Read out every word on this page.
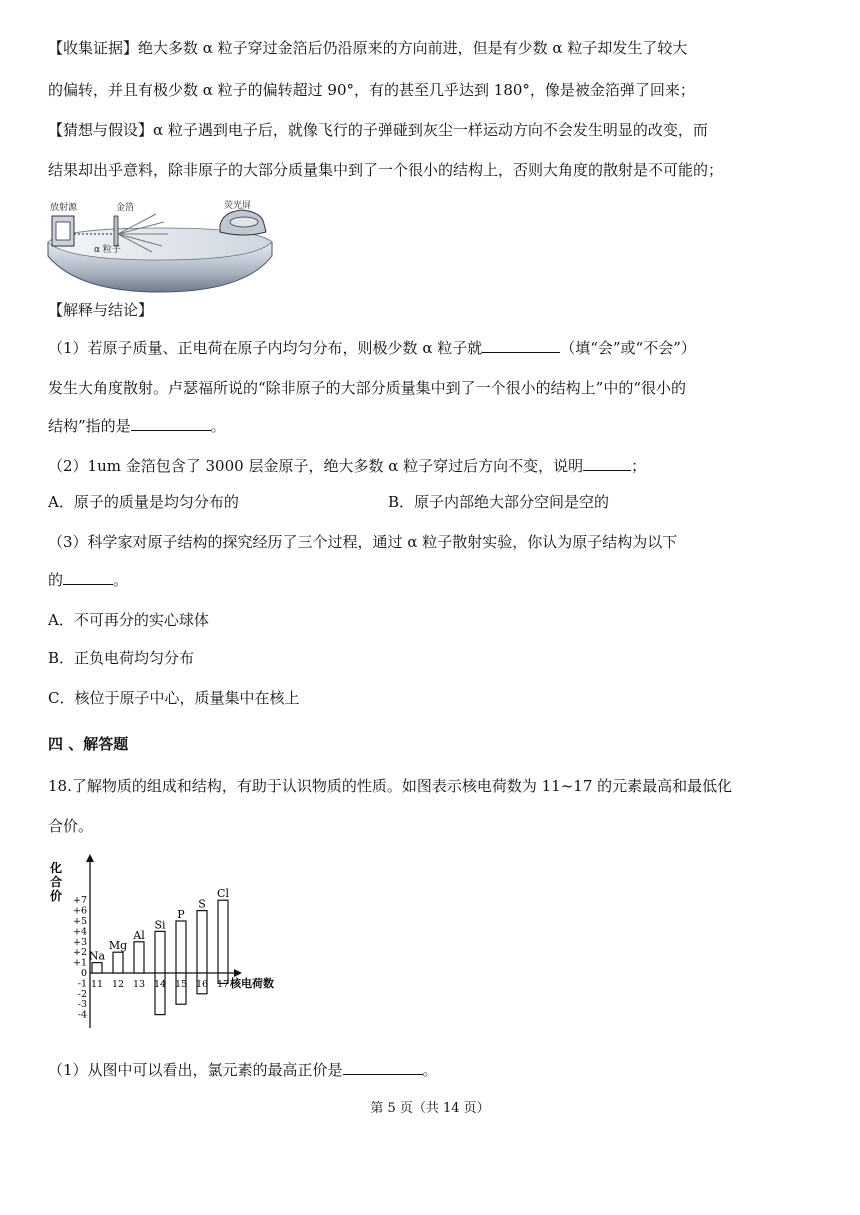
【收集证据】绝大多数 α 粒子穿过金箔后仍沿原来的方向前进，但是有少数 α 粒子却发生了较大
的偏转，并且有极少数 α 粒子的偏转超过 90°，有的甚至几乎达到 180°，像是被金箔弹了回来；
【猜想与假设】α 粒子遇到电子后，就像飞行的子弹碰到灰尘一样运动方向不会发生明显的改变，而
结果却出乎意料，除非原子的大部分质量集中到了一个很小的结构上，否则大角度的散射是不可能的；
放射源	金箔	荧光屏
α 粒子
【解释与结论】
（1）若原子质量、正电荷在原子内均匀分布，则极少数 α 粒子就	（填“会”或“不会”）
发生大角度散射。卢瑟福所说的“除非原子的大部分质量集中到了一个很小的结构上”中的“很小的
结构”指的是	。
（2）1um 金箔包含了 3000 层金原子，绝大多数 α 粒子穿过后方向不变，说明	；
A．原子的质量是均匀分布的	B．原子内部绝大部分空间是空的
（3）科学家对原子结构的探究经历了三个过程，通过 α 粒子散射实验，你认为原子结构为以下
的	。
A．不可再分的实心球体
B．正负电荷均匀分布
C．核位于原子中心，质量集中在核上
四 、解答题
18.了解物质的组成和结构，有助于认识物质的性质。如图表示核电荷数为 11~17 的元素最高和最低化
合价。
化
合
价 +7
+6
+5
+4
+3
+2
+1
0
-1
-2
-3
-4
核电荷数
11
Na
12
Mg
13
Al
14
Si
15
P
16
S
17
Cl
（1）从图中可以看出，氯元素的最高正价是	。
第 5 页（共 14 页）
